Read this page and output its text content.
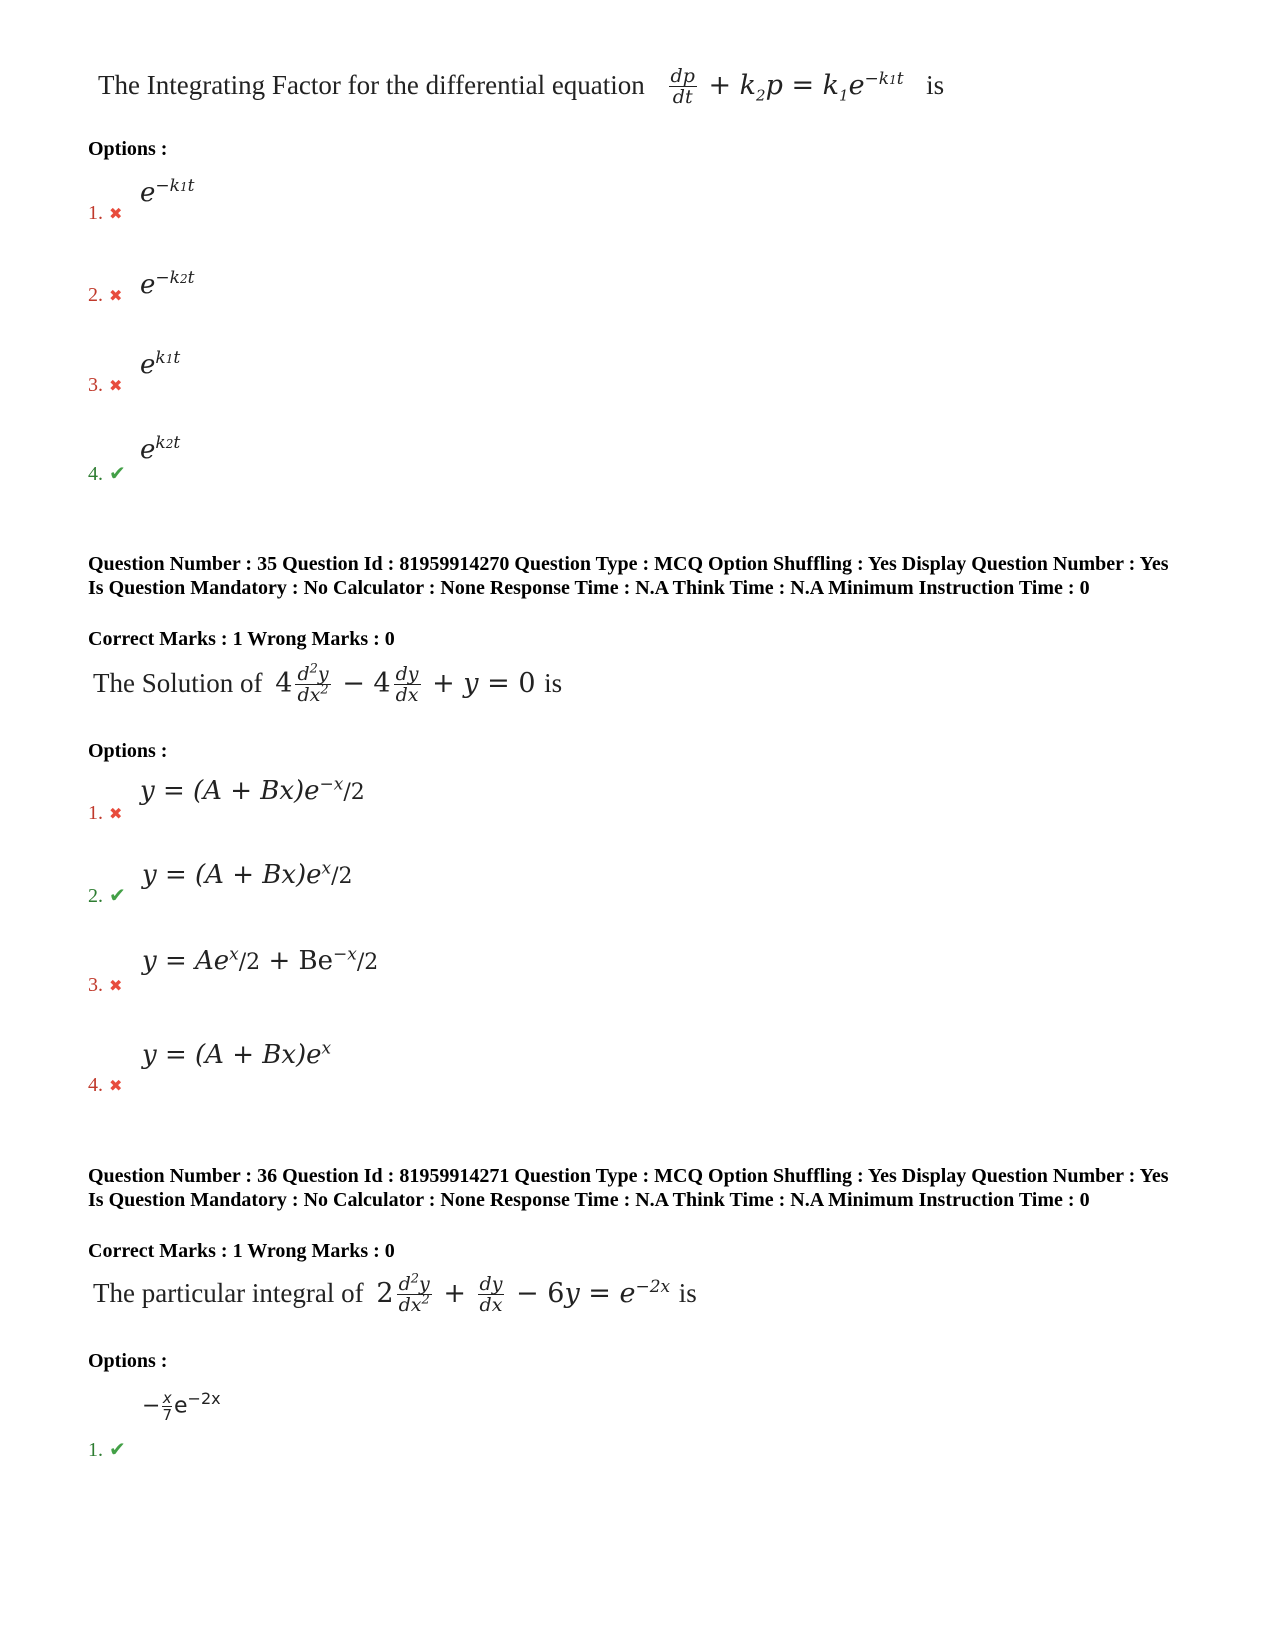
The Integrating Factor for the differential equation $\frac{dp}{dt} + k_2p = k_1e^{-k1t}$ is
Options :
1. ✖
$e^{-k1t}$
2. ✖ $e^{-k2t}$
3. ✖
$e^{k1t}$
4. ✔
$e^{k2t}$
Question Number : 35 Question Id : 81959914270 Question Type : MCQ Option Shuffling : Yes Display Question Number : Yes Is Question Mandatory : No Calculator : None Response Time : N.A Think Time : N.A Minimum Instruction Time : 0
Correct Marks : 1 Wrong Marks : 0
The Solution of $4 \frac{d^2y}{dx^2} - 4 \frac{dy}{dx} + y = 0$ is
Options :
1. ✖
$y = (A + Bx)e^{-x}/2$
2. ✔
$y = (A + Bx)e^x/2$
3. ✖
$y = Ae^x/2 + Be^{-x}/2$
4. ✖
$y = (A + Bx)e^x$
Question Number : 36 Question Id : 81959914271 Question Type : MCQ Option Shuffling : Yes Display Question Number : Yes Is Question Mandatory : No Calculator : None Response Time : N.A Think Time : N.A Minimum Instruction Time : 0
Correct Marks : 1 Wrong Marks : 0
The particular integral of $2 \frac{d^2y}{dx^2} + \frac{dy}{dx} - 6y = e^{-2x}$ is
Options :
1. ✔
− $\frac{x}{7}e^{-2x}$
